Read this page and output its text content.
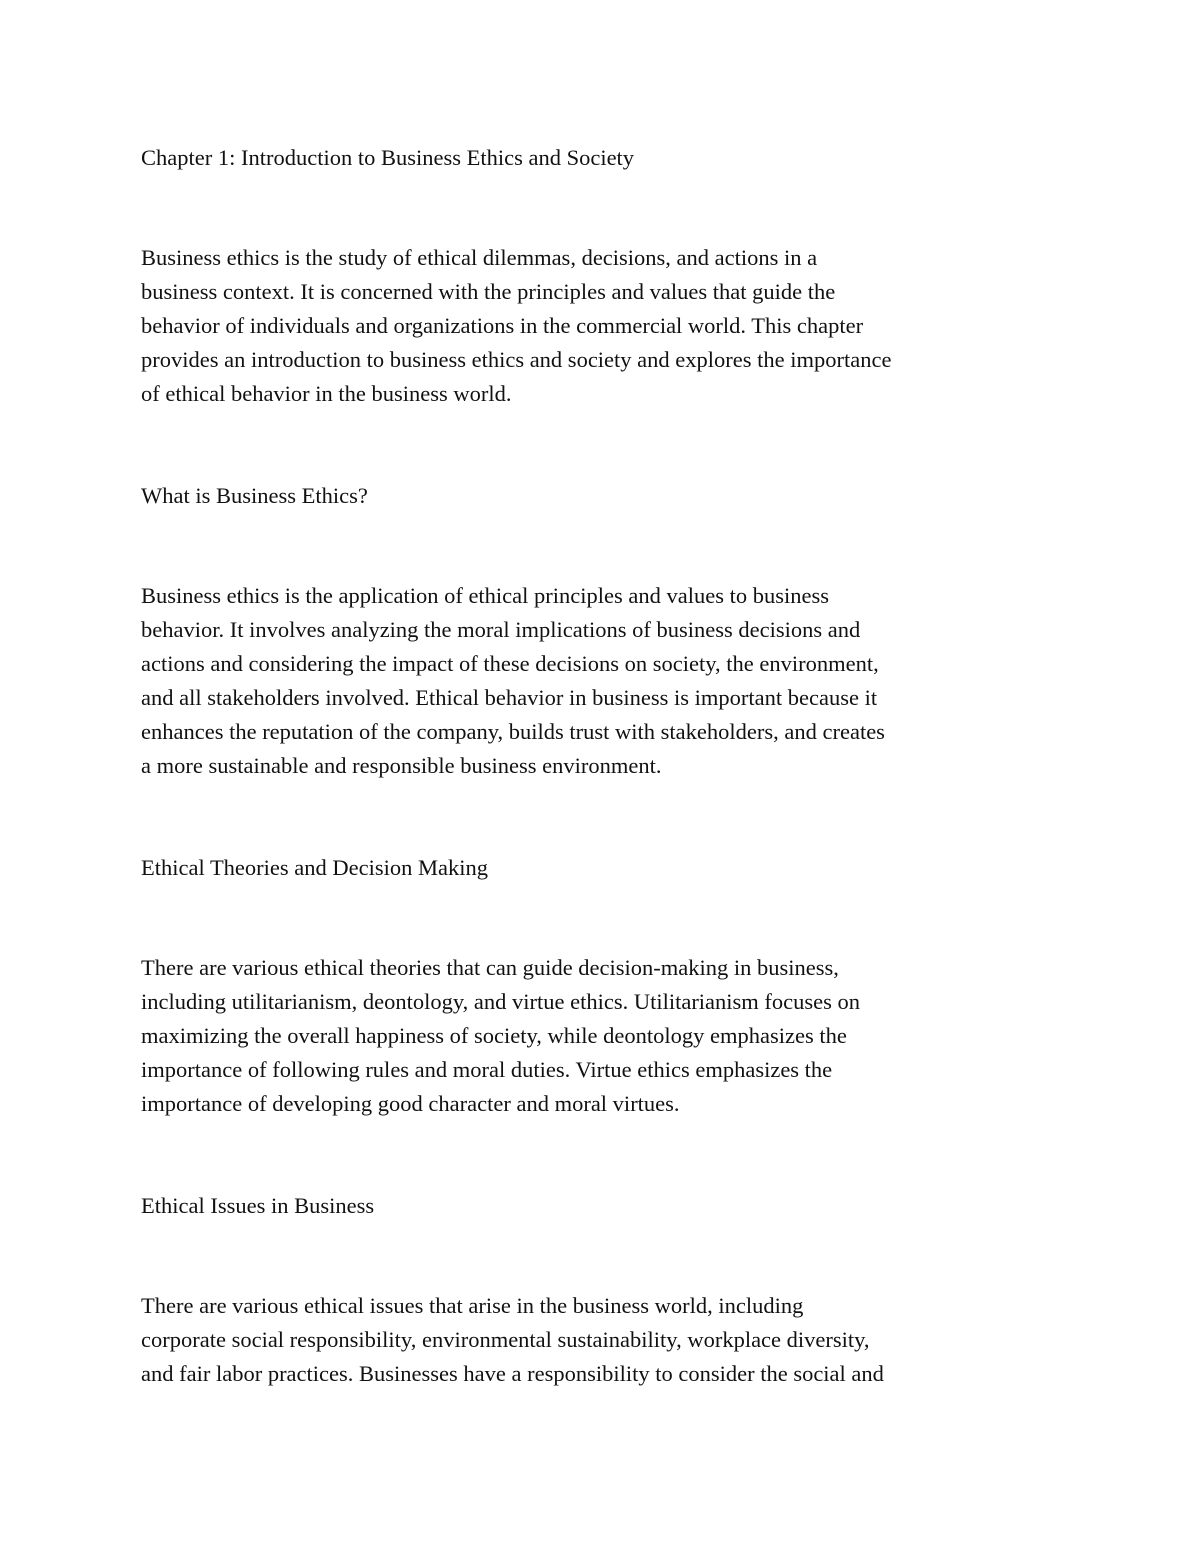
Chapter 1: Introduction to Business Ethics and Society

Business ethics is the study of ethical dilemmas, decisions, and actions in a

business context. It is concerned with the principles and values that guide the

behavior of individuals and organizations in the commercial world. This chapter

provides an introduction to business ethics and society and explores the importance

of ethical behavior in the business world.

What is Business Ethics?

Business ethics is the application of ethical principles and values to business

behavior. It involves analyzing the moral implications of business decisions and

actions and considering the impact of these decisions on society, the environment,

and all stakeholders involved. Ethical behavior in business is important because it

enhances the reputation of the company, builds trust with stakeholders, and creates

a more sustainable and responsible business environment.

Ethical Theories and Decision Making

There are various ethical theories that can guide decision-making in business,

including utilitarianism, deontology, and virtue ethics. Utilitarianism focuses on

maximizing the overall happiness of society, while deontology emphasizes the

importance of following rules and moral duties. Virtue ethics emphasizes the

importance of developing good character and moral virtues.

Ethical Issues in Business

There are various ethical issues that arise in the business world, including

corporate social responsibility, environmental sustainability, workplace diversity,

and fair labor practices. Businesses have a responsibility to consider the social and
